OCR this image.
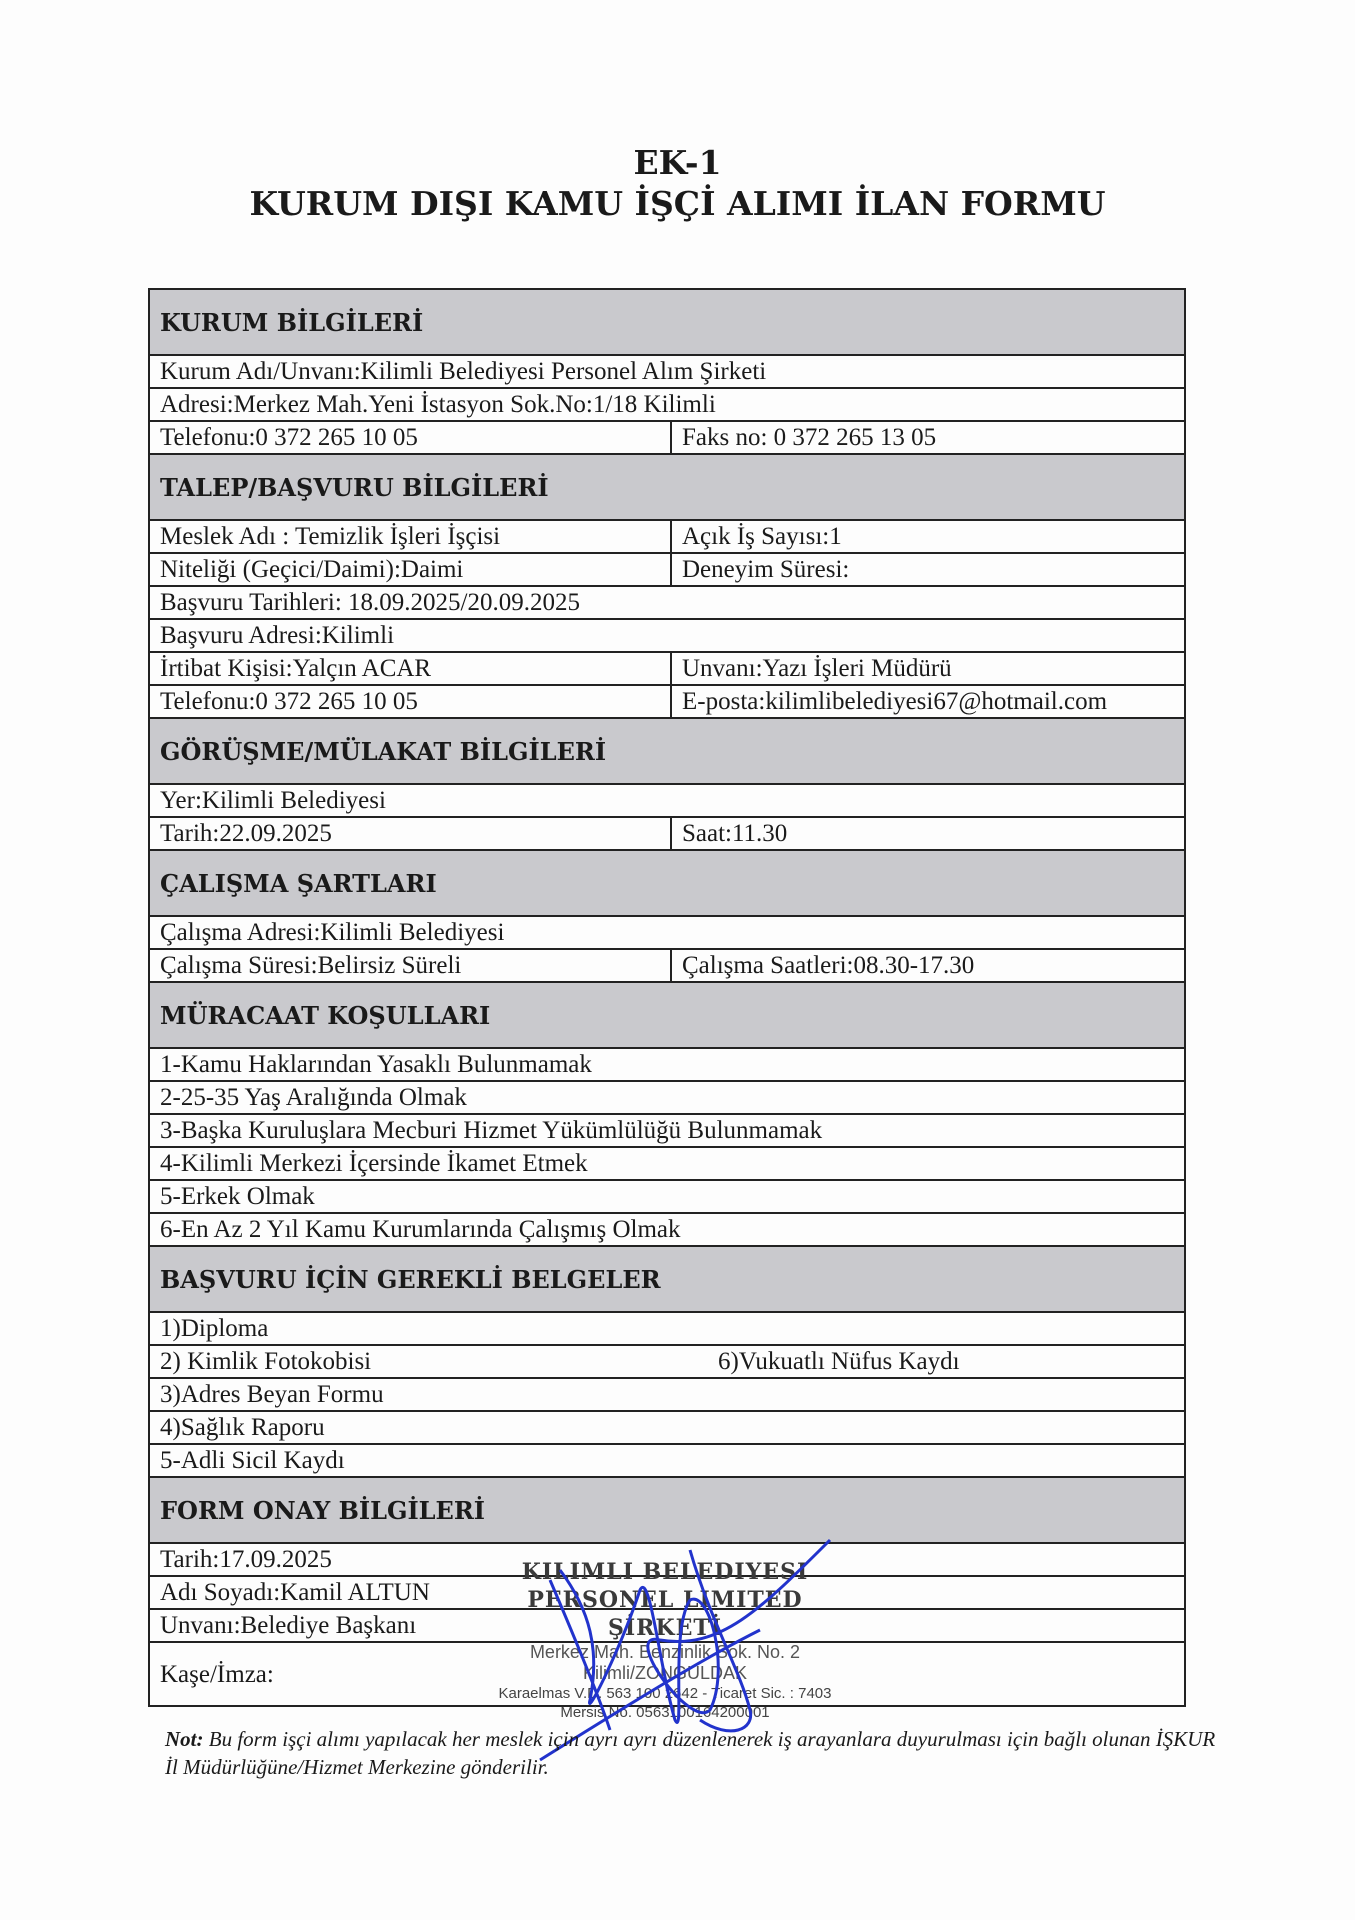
EK-1
KURUM DIŞI KAMU İŞÇİ ALIMI İLAN FORMU
KURUM BİLGİLERİ	
Kurum Adı/Unvanı:Kilimli Belediyesi Personel Alım Şirketi	
Adresi:Merkez Mah.Yeni İstasyon Sok.No:1/18 Kilimli	
Telefonu:0 372 265 10 05	Faks no: 0 372 265 13 05
TALEP/BAŞVURU BİLGİLERİ	
Meslek Adı : Temizlik İşleri İşçisi	Açık İş Sayısı:1
Niteliği (Geçici/Daimi):Daimi	Deneyim Süresi:
Başvuru Tarihleri: 18.09.2025/20.09.2025	
Başvuru Adresi:Kilimli	
İrtibat Kişisi:Yalçın ACAR	Unvanı:Yazı İşleri Müdürü
Telefonu:0 372 265 10 05	E-posta:kilimlibelediyesi67@hotmail.com
GÖRÜŞME/MÜLAKAT BİLGİLERİ	
Yer:Kilimli Belediyesi	
Tarih:22.09.2025	Saat:11.30
ÇALIŞMA ŞARTLARI	
Çalışma Adresi:Kilimli Belediyesi	
Çalışma Süresi:Belirsiz Süreli	Çalışma Saatleri:08.30-17.30
MÜRACAAT KOŞULLARI	
1-Kamu Haklarından Yasaklı Bulunmamak	
2-25-35 Yaş Aralığında Olmak	
3-Başka Kuruluşlara Mecburi Hizmet Yükümlülüğü Bulunmamak	
4-Kilimli Merkezi İçersinde İkamet Etmek	
5-Erkek Olmak	
6-En Az 2 Yıl Kamu Kurumlarında Çalışmış Olmak	
BAŞVURU İÇİN GEREKLİ BELGELER	
1)Diploma	
2) Kimlik Fotokobisi 6)Vukuatlı Nüfus Kaydı	
3)Adres Beyan Formu	
4)Sağlık Raporu	
5-Adli Sicil Kaydı	
FORM ONAY BİLGİLERİ	
Tarih:17.09.2025	
Adı Soyadı:Kamil ALTUN	
Unvanı:Belediye Başkanı	
Kaşe/İmza:	
KILIMLI BELEDIYESI
PERSONEL LIMITED ŞİRKETİ
Merkez Mah. Benzinlik Sok. No. 2
Kilimli/ZONGULDAK
Karaelmas V.D. 563 100 2642 - Ticaret Sic. : 7403
Mersis No. 0563100164200001
Not: Bu form işçi alımı yapılacak her meslek için ayrı ayrı düzenlenerek iş arayanlara duyurulması için bağlı olunan İŞKUR İl Müdürlüğüne/Hizmet Merkezine gönderilir.
